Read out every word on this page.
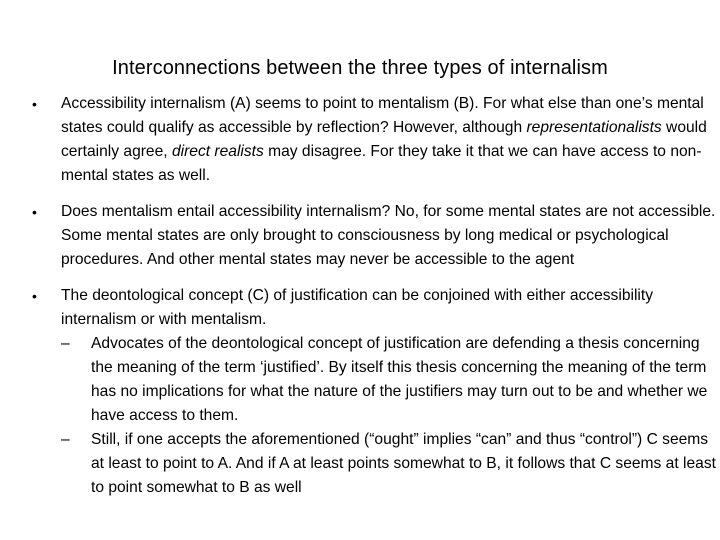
Interconnections between the three types of internalism
• Accessibility internalism (A) seems to point to mentalism (B). For what else than one’s mental states could qualify as accessible by reflection? However, although representationalists would certainly agree, direct realists may disagree. For they take it that we can have access to non-mental states as well.
• Does mentalism entail accessibility internalism? No, for some mental states are not accessible. Some mental states are only brought to consciousness by long medical or psychological procedures. And other mental states may never be accessible to the agent
• The deontological concept (C) of justification can be conjoined with either accessibility internalism or with mentalism.
– Advocates of the deontological concept of justification are defending a thesis concerning the meaning of the term ‘justified’. By itself this thesis concerning the meaning of the term has no implications for what the nature of the justifiers may turn out to be and whether we have access to them.
– Still, if one accepts the aforementioned (“ought” implies “can” and thus “control”) C seems at least to point to A. And if A at least points somewhat to B, it follows that C seems at least to point somewhat to B as well
